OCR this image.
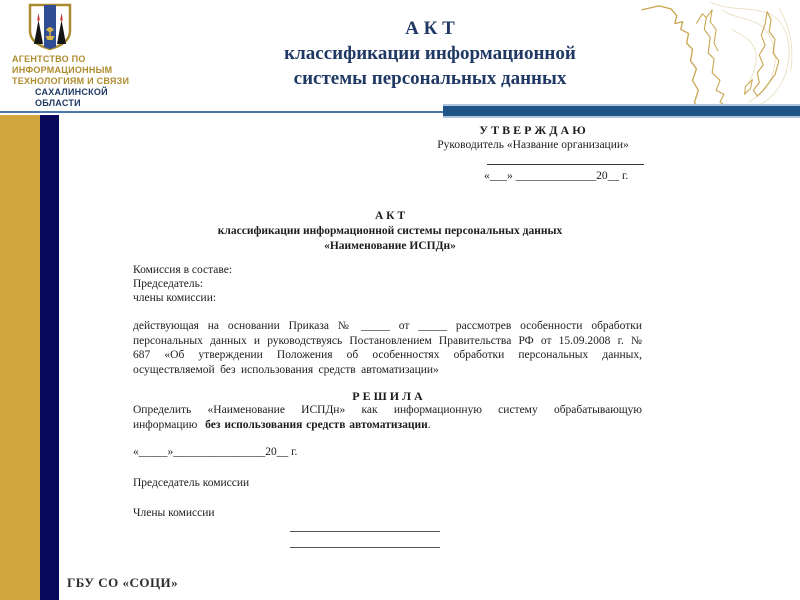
АГЕНТСТВО ПО
ИНФОРМАЦИОННЫМ
ТЕХНОЛОГИЯМ И СВЯЗИ
САХАЛИНСКОЙ
ОБЛАСТИ
А К Т
классификации информационной
системы персональных данных
У Т В Е Р Ж Д А Ю
Руководитель «Название организации»
«___» ______________20__ г.
А К Т
классификации информационной системы персональных данных
«Наименование ИСПДн»
Комиссия в составе:
Председатель:
члены комиссии:
действующая на основании Приказа № _____ от _____ рассмотрев особенности обработки персональных данных и руководствуясь Постановлением Правительства РФ от 15.09.2008 г. № 687 «Об утверждении Положения об особенностях обработки персональных данных, осуществляемой без использования средств автоматизации»
Р Е Ш И Л А
Определить «Наименование ИСПДн» как информационную систему обрабатывающую информацию без использования средств автоматизации.
«_____»________________20__ г.
Председатель комиссии
Члены комиссии
ГБУ СО «СОЦИ»
